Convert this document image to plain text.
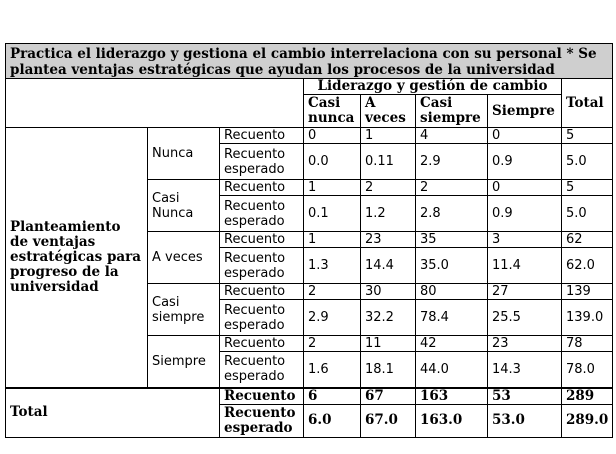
Practica el liderazgo y gestiona el cambio interrelaciona con su personal * Se plantea ventajas estratégicas que ayudan los procesos de la universidad							
			Liderazgo y gestión de cambio				Total
			Casi nunca	A veces	Casi siempre	Siempre	
Planteamiento de ventajas estratégicas para progreso de la universidad	Nunca	Recuento	0	1	4	0	5
		Recuento esperado	0.0	0.11	2.9	0.9	5.0
	Casi Nunca	Recuento	1	2	2	0	5
		Recuento esperado	0.1	1.2	2.8	0.9	5.0
	A veces	Recuento	1	23	35	3	62
		Recuento esperado	1.3	14.4	35.0	11.4	62.0
	Casi siempre	Recuento	2	30	80	27	139
		Recuento esperado	2.9	32.2	78.4	25.5	139.0
	Siempre	Recuento	2	11	42	23	78
		Recuento esperado	1.6	18.1	44.0	14.3	78.0
Total		Recuento	6	67	163	53	289
		Recuento esperado	6.0	67.0	163.0	53.0	289.0
